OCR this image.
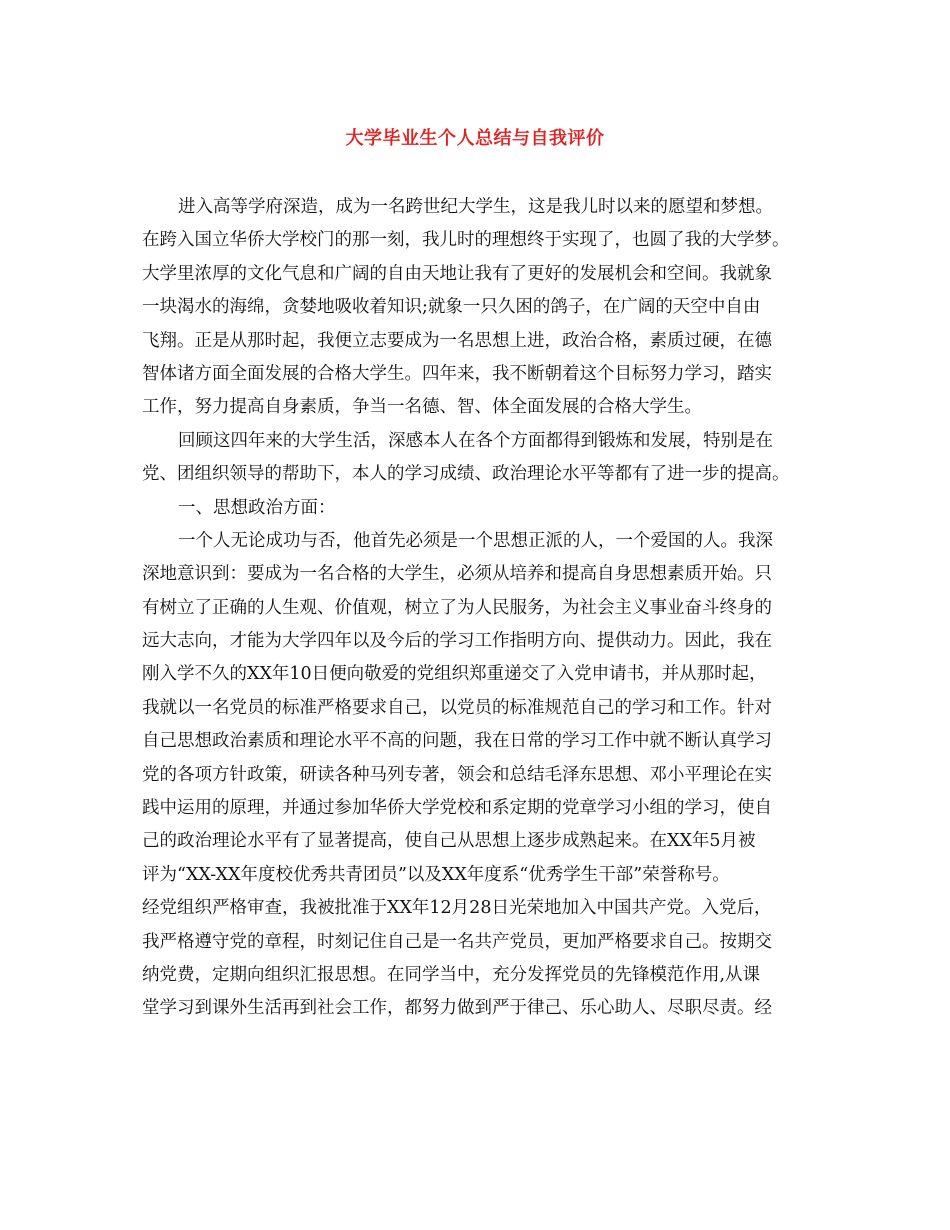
大学毕业生个人总结与自我评价
进入高等学府深造，成为一名跨世纪大学生，这是我儿时以来的愿望和梦想。
在跨入国立华侨大学校门的那一刻，我儿时的理想终于实现了，也圆了我的大学梦。
大学里浓厚的文化气息和广阔的自由天地让我有了更好的发展机会和空间。我就象
一块渴水的海绵，贪婪地吸收着知识;就象一只久困的鸽子，在广阔的天空中自由
飞翔。正是从那时起，我便立志要成为一名思想上进，政治合格，素质过硬，在德
智体诸方面全面发展的合格大学生。四年来，我不断朝着这个目标努力学习，踏实
工作，努力提高自身素质，争当一名德、智、体全面发展的合格大学生。
回顾这四年来的大学生活，深感本人在各个方面都得到锻炼和发展，特别是在
党、团组织领导的帮助下，本人的学习成绩、政治理论水平等都有了进一步的提高。
一、思想政治方面：
一个人无论成功与否，他首先必须是一个思想正派的人，一个爱国的人。我深
深地意识到：要成为一名合格的大学生，必须从培养和提高自身思想素质开始。只
有树立了正确的人生观、价值观，树立了为人民服务，为社会主义事业奋斗终身的
远大志向，才能为大学四年以及今后的学习工作指明方向、提供动力。因此，我在
刚入学不久的XX年10日便向敬爱的党组织郑重递交了入党申请书，并从那时起，
我就以一名党员的标准严格要求自己，以党员的标准规范自己的学习和工作。针对
自己思想政治素质和理论水平不高的问题，我在日常的学习工作中就不断认真学习
党的各项方针政策，研读各种马列专著，领会和总结毛泽东思想、邓小平理论在实
践中运用的原理，并通过参加华侨大学党校和系定期的党章学习小组的学习，使自
己的政治理论水平有了显著提高，使自己从思想上逐步成熟起来。在XX年5月被
评为“XX-XX年度校优秀共青团员”以及XX年度系“优秀学生干部”荣誉称号。
经党组织严格审查，我被批准于XX年12月28日光荣地加入中国共产党。入党后，
我严格遵守党的章程，时刻记住自己是一名共产党员，更加严格要求自己。按期交
纳党费，定期向组织汇报思想。在同学当中，充分发挥党员的先锋模范作用,从课
堂学习到课外生活再到社会工作，都努力做到严于律己、乐心助人、尽职尽责。经
